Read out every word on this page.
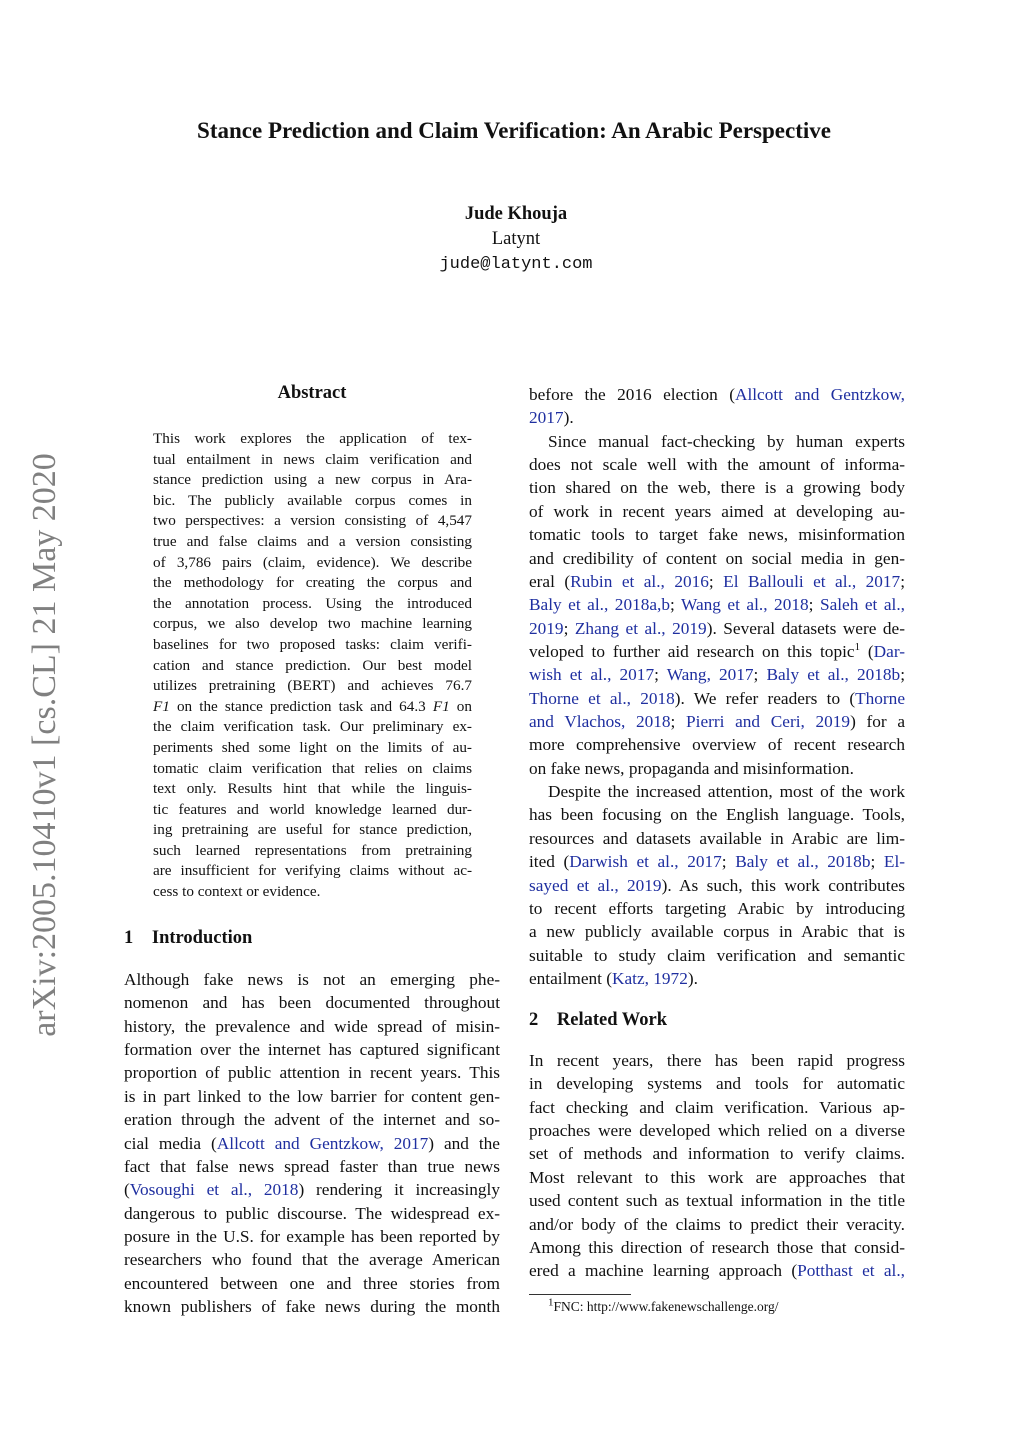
arXiv:2005.10410v1 [cs.CL] 21 May 2020
Stance Prediction and Claim Verification: An Arabic Perspective
Jude Khouja
Latynt
jude@latynt.com
Abstract
This work explores the application of tex-
tual entailment in news claim verification and
stance prediction using a new corpus in Ara-
bic. The publicly available corpus comes in
two perspectives: a version consisting of 4,547
true and false claims and a version consisting
of 3,786 pairs (claim, evidence). We describe
the methodology for creating the corpus and
the annotation process. Using the introduced
corpus, we also develop two machine learning
baselines for two proposed tasks: claim verifi-
cation and stance prediction. Our best model
utilizes pretraining (BERT) and achieves 76.7
F1 on the stance prediction task and 64.3 F1 on
the claim verification task. Our preliminary ex-
periments shed some light on the limits of au-
tomatic claim verification that relies on claims
text only. Results hint that while the linguis-
tic features and world knowledge learned dur-
ing pretraining are useful for stance prediction,
such learned representations from pretraining
are insufficient for verifying claims without ac-
cess to context or evidence.
1 Introduction
Although fake news is not an emerging phe-
nomenon and has been documented throughout
history, the prevalence and wide spread of misin-
formation over the internet has captured significant
proportion of public attention in recent years. This
is in part linked to the low barrier for content gen-
eration through the advent of the internet and so-
cial media (Allcott and Gentzkow, 2017) and the
fact that false news spread faster than true news
(Vosoughi et al., 2018) rendering it increasingly
dangerous to public discourse. The widespread ex-
posure in the U.S. for example has been reported by
researchers who found that the average American
encountered between one and three stories from
known publishers of fake news during the month
before the 2016 election (Allcott and Gentzkow,
2017).
Since manual fact-checking by human experts
does not scale well with the amount of informa-
tion shared on the web, there is a growing body
of work in recent years aimed at developing au-
tomatic tools to target fake news, misinformation
and credibility of content on social media in gen-
eral (Rubin et al., 2016; El Ballouli et al., 2017;
Baly et al., 2018a,b; Wang et al., 2018; Saleh et al.,
2019; Zhang et al., 2019). Several datasets were de-
veloped to further aid research on this topic$^1$ (Dar-
wish et al., 2017; Wang, 2017; Baly et al., 2018b;
Thorne et al., 2018). We refer readers to (Thorne
and Vlachos, 2018; Pierri and Ceri, 2019) for a
more comprehensive overview of recent research
on fake news, propaganda and misinformation.
Despite the increased attention, most of the work
has been focusing on the English language. Tools,
resources and datasets available in Arabic are lim-
ited (Darwish et al., 2017; Baly et al., 2018b; El-
sayed et al., 2019). As such, this work contributes
to recent efforts targeting Arabic by introducing
a new publicly available corpus in Arabic that is
suitable to study claim verification and semantic
entailment (Katz, 1972).
2 Related Work
In recent years, there has been rapid progress
in developing systems and tools for automatic
fact checking and claim verification. Various ap-
proaches were developed which relied on a diverse
set of methods and information to verify claims.
Most relevant to this work are approaches that
used content such as textual information in the title
and/or body of the claims to predict their veracity.
Among this direction of research those that consid-
ered a machine learning approach (Potthast et al.,
$^1$FNC: http://www.fakenewschallenge.org/
